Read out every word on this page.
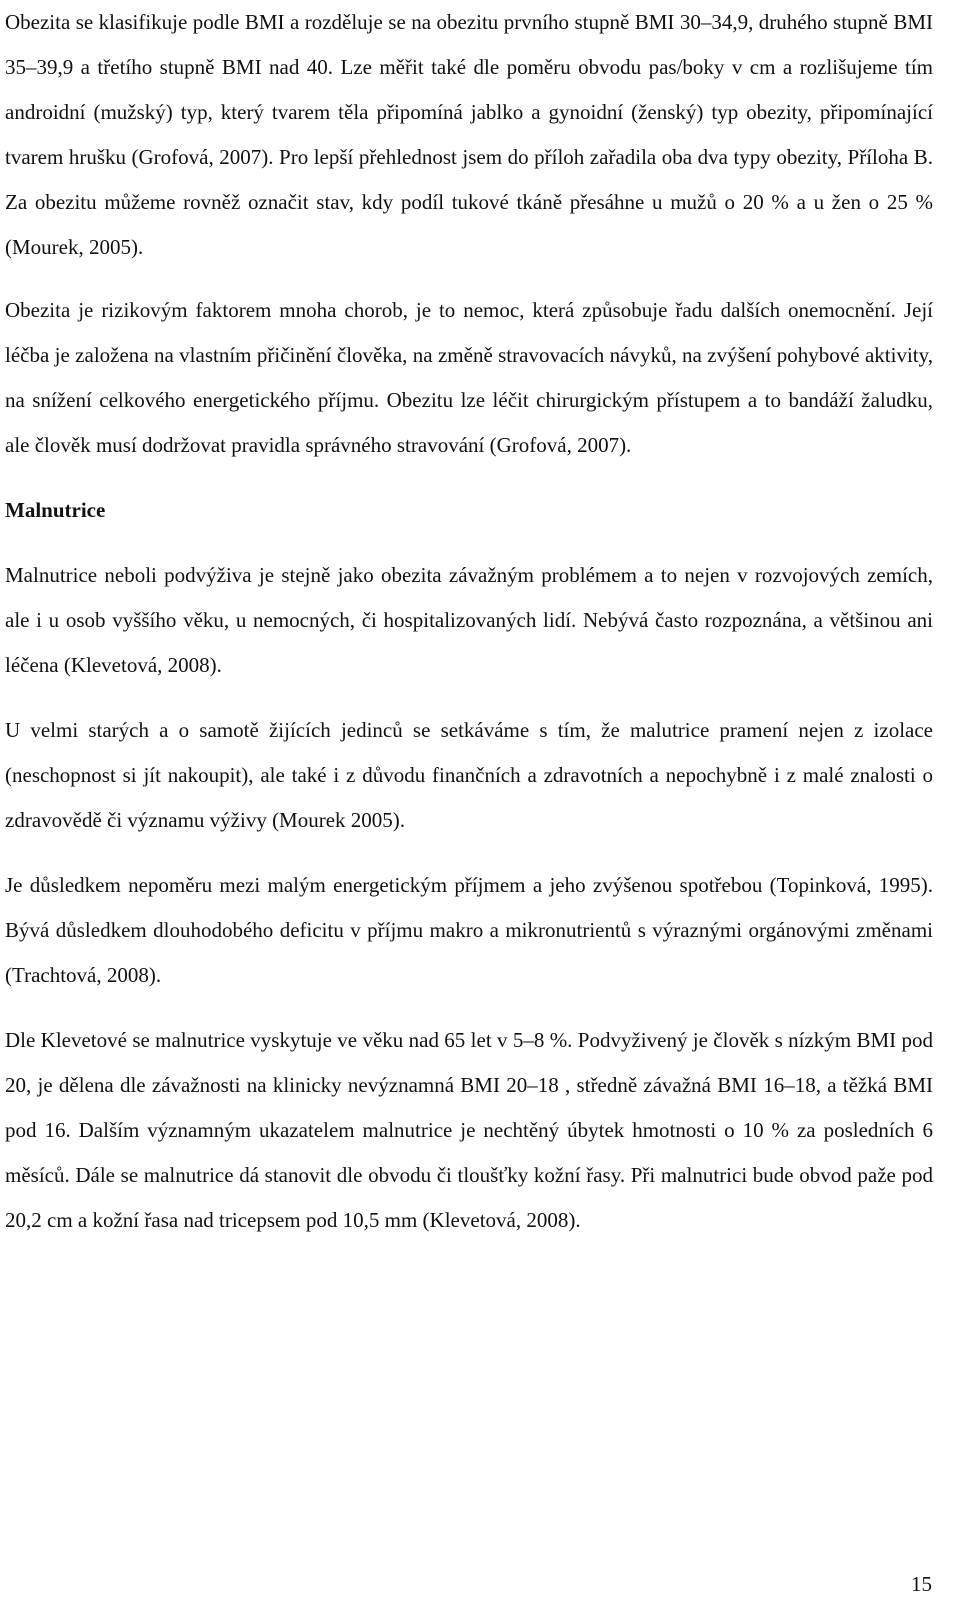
Obezita se klasifikuje podle BMI a rozděluje se na obezitu prvního stupně BMI 30–34,9, druhého stupně BMI 35–39,9 a třetího stupně BMI nad 40. Lze měřit také dle poměru obvodu pas/boky v cm a rozlišujeme tím androidní (mužský) typ, který tvarem těla připomíná jablko a gynoidní (ženský) typ obezity, připomínající tvarem hrušku (Grofová, 2007). Pro lepší přehlednost jsem do příloh zařadila oba dva typy obezity, Příloha B. Za obezitu můžeme rovněž označit stav, kdy podíl tukové tkáně přesáhne u mužů o 20 % a u žen o 25 % (Mourek, 2005).

Obezita je rizikovým faktorem mnoha chorob, je to nemoc, která způsobuje řadu dalších onemocnění. Její léčba je založena na vlastním přičinění člověka, na změně stravovacích návyků, na zvýšení pohybové aktivity, na snížení celkového energetického příjmu. Obezitu lze léčit chirurgickým přístupem a to bandáží žaludku, ale člověk musí dodržovat pravidla správného stravování (Grofová, 2007).

Malnutrice

Malnutrice neboli podvýživa je stejně jako obezita závažným problémem a to nejen v rozvojových zemích, ale i u osob vyššího věku, u nemocných, či hospitalizovaných lidí. Nebývá často rozpoznána, a většinou ani léčena (Klevetová, 2008).

U velmi starých a o samotě žijících jedinců se setkáváme s tím, že malutrice pramení nejen z izolace (neschopnost si jít nakoupit), ale také i z důvodu finančních a zdravotních a nepochybně i z malé znalosti o zdravovědě či významu výživy (Mourek 2005).

Je důsledkem nepoměru mezi malým energetickým příjmem a jeho zvýšenou spotřebou (Topinková, 1995). Bývá důsledkem dlouhodobého deficitu v příjmu makro a mikronutrientů s výraznými orgánovými změnami (Trachtová, 2008).

Dle Klevetové se malnutrice vyskytuje ve věku nad 65 let v 5–8 %. Podvyživený je člověk s nízkým BMI pod 20, je dělena dle závažnosti na klinicky nevýznamná BMI 20–18 , středně závažná BMI 16–18, a těžká BMI pod 16. Dalším významným ukazatelem malnutrice je nechtěný úbytek hmotnosti o 10 % za posledních 6 měsíců. Dále se malnutrice dá stanovit dle obvodu či tloušťky kožní řasy. Při malnutrici bude obvod paže pod 20,2 cm a kožní řasa nad tricepsem pod 10,5 mm (Klevetová, 2008).

15
